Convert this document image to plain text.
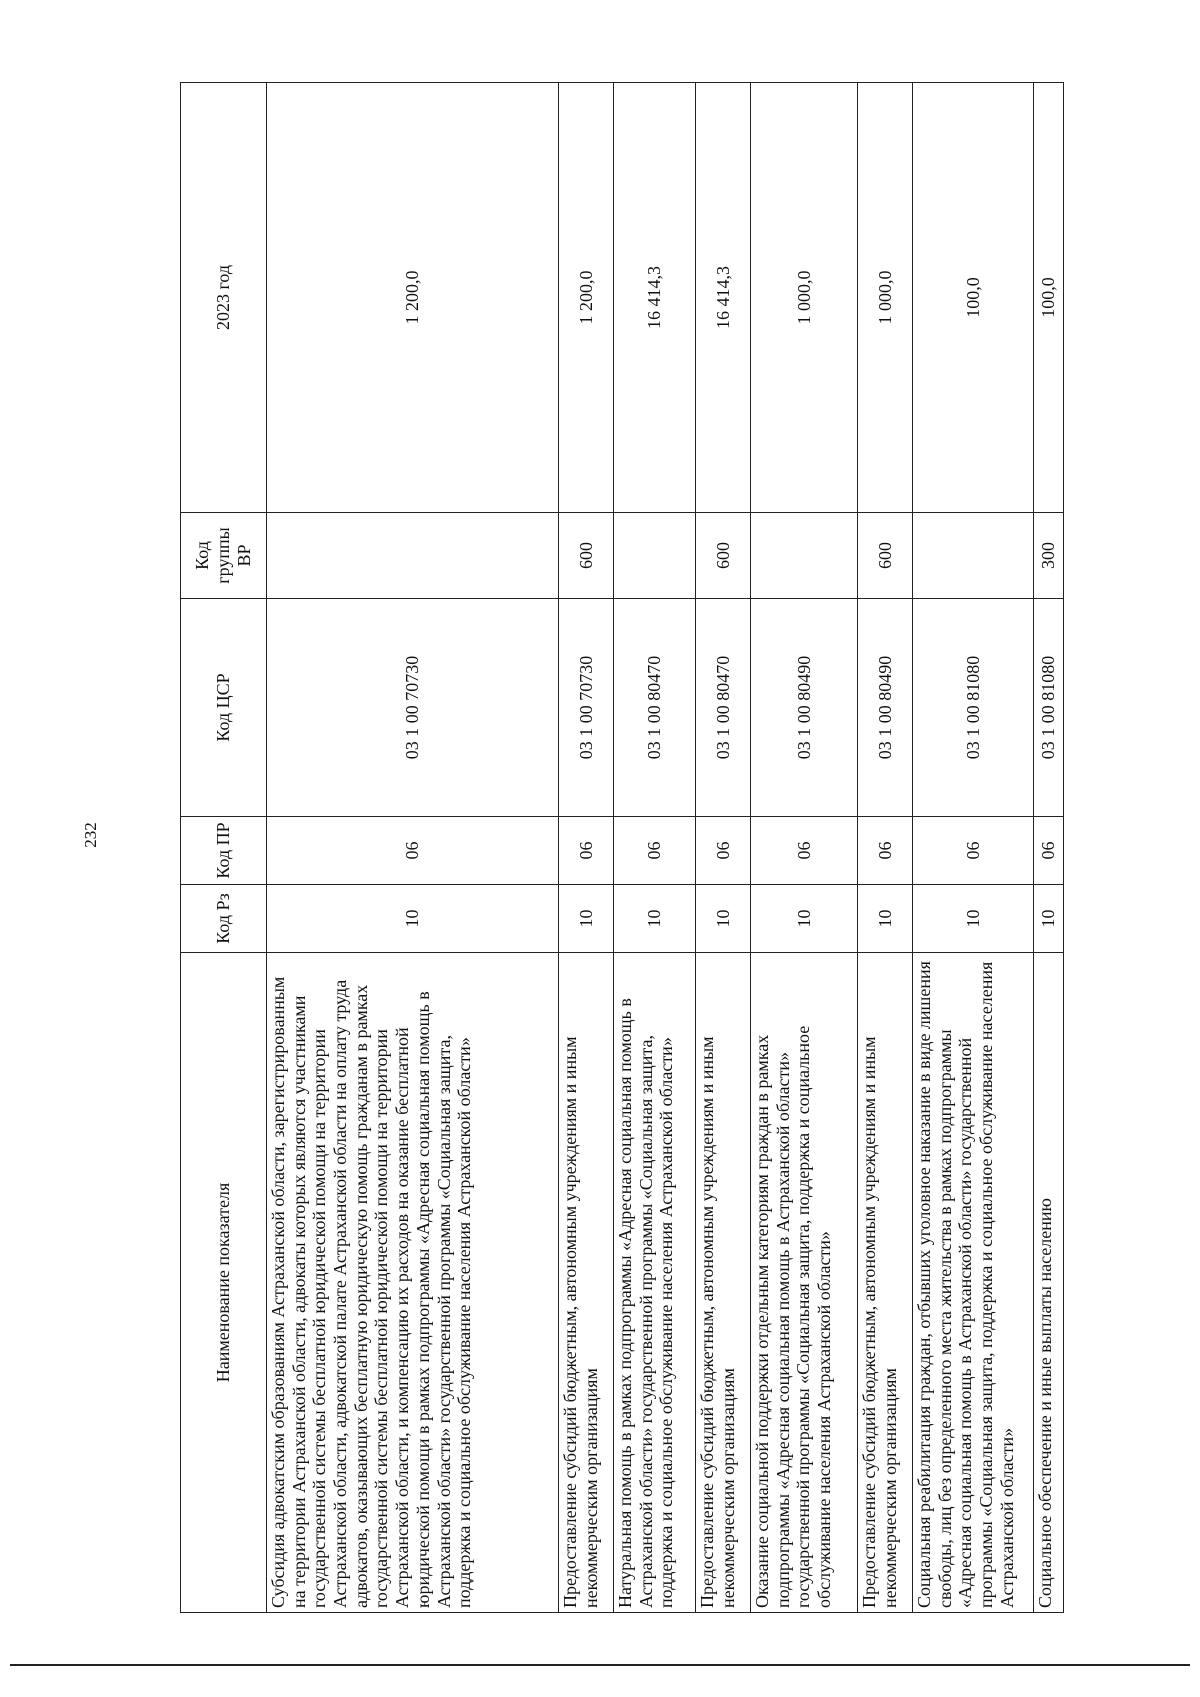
232
Наименование показателя	Код Рз	Код ПР	Код ЦСР	Код группы ВР	2023 год
Субсидия адвокатским образованиям Астраханской области, зарегистрированным на территории Астраханской области, адвокаты которых являются участниками государственной системы бесплатной юридической помощи на территории Астраханской области, адвокатской палате Астраханской области на оплату труда адвокатов, оказывающих бесплатную юридическую помощь гражданам в рамках государственной системы бесплатной юридической помощи на территории Астраханской области, и компенсацию их расходов на оказание бесплатной юридической помощи в рамках подпрограммы «Адресная социальная помощь в Астраханской области» государственной программы «Социальная защита, поддержка и социальное обслуживание населения Астраханской области»	10	06	03 1 00 70730		1 200,0
Предоставление субсидий бюджетным, автономным учреждениям и иным некоммерческим организациям	10	06	03 1 00 70730	600	1 200,0
Натуральная помощь в рамках подпрограммы «Адресная социальная помощь в Астраханской области» государственной программы «Социальная защита, поддержка и социальное обслуживание населения Астраханской области»	10	06	03 1 00 80470		16 414,3
Предоставление субсидий бюджетным, автономным учреждениям и иным некоммерческим организациям	10	06	03 1 00 80470	600	16 414,3
Оказание социальной поддержки отдельным категориям граждан в рамках подпрограммы «Адресная социальная помощь в Астраханской области» государственной программы «Социальная защита, поддержка и социальное обслуживание населения Астраханской области»	10	06	03 1 00 80490		1 000,0
Предоставление субсидий бюджетным, автономным учреждениям и иным некоммерческим организациям	10	06	03 1 00 80490	600	1 000,0
Социальная реабилитация граждан, отбывших уголовное наказание в виде лишения свободы, лиц без определенного места жительства в рамках подпрограммы «Адресная социальная помощь в Астраханской области» государственной программы «Социальная защита, поддержка и социальное обслуживание населения Астраханской области»	10	06	03 1 00 81080		100,0
Социальное обеспечение и иные выплаты населению	10	06	03 1 00 81080	300	100,0
